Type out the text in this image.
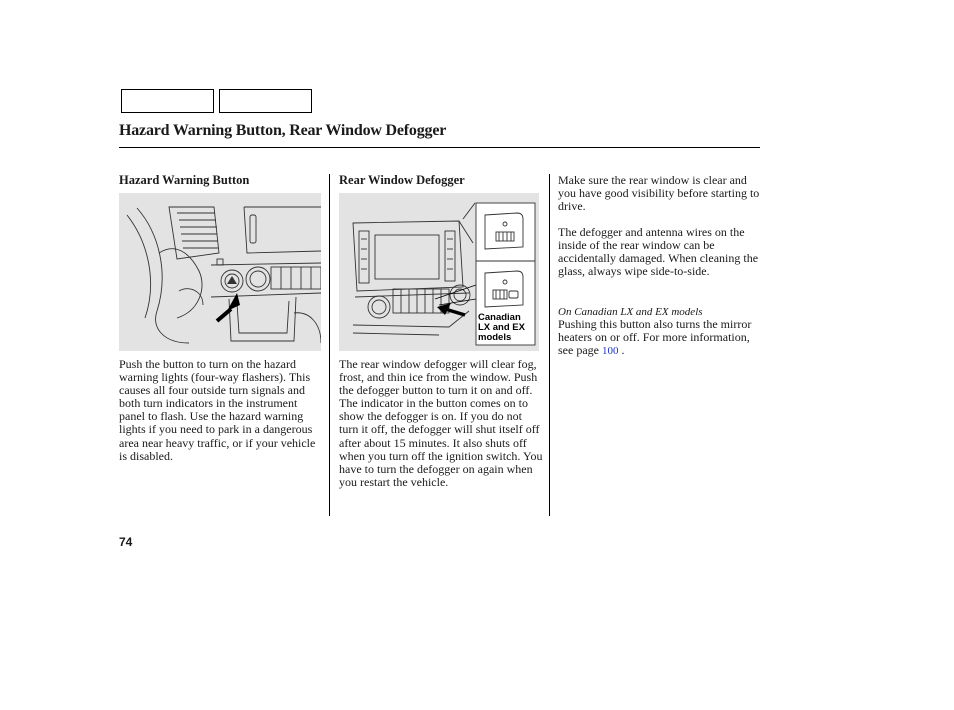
Hazard Warning Button, Rear Window Defogger
Hazard Warning Button

Push the button to turn on the hazard warning lights (four-way flashers). This causes all four outside turn signals and both turn indicators in the instrument panel to flash. Use the hazard warning lights if you need to park in a dangerous area near heavy traffic, or if your vehicle is disabled.

Rear Window Defogger
Canadian
LX and EX
models

The rear window defogger will clear fog, frost, and thin ice from the window. Push the defogger button to turn it on and off. The indicator in the button comes on to show the defogger is on. If you do not turn it off, the defogger will shut itself off after about 15 minutes. It also shuts off when you turn off the ignition switch. You have to turn the defogger on again when you restart the vehicle.

Make sure the rear window is clear and you have good visibility before starting to drive.

The defogger and antenna wires on the inside of the rear window can be accidentally damaged. When cleaning the glass, always wipe side-to-side.

On Canadian LX and EX models

Pushing this button also turns the mirror heaters on or off. For more information, see page 100 .

74
